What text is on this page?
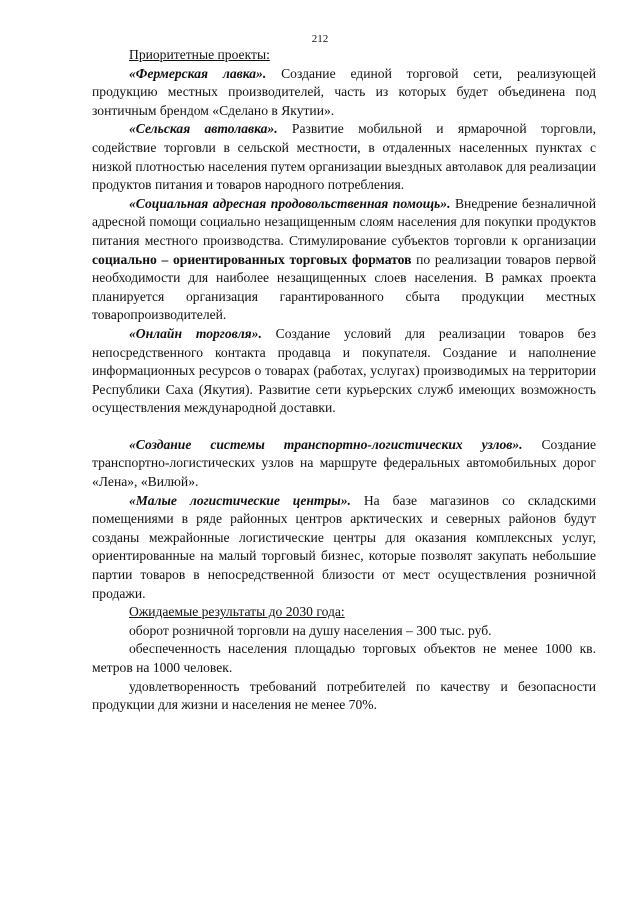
212

Приоритетные проекты:

«Фермерская лавка». Создание единой торговой сети, реализующей продукцию местных производителей, часть из которых будет объединена под зонтичным брендом «Сделано в Якутии».

«Сельская автолавка». Развитие мобильной и ярмарочной торговли, содействие торговли в сельской местности, в отдаленных населенных пунктах с низкой плотностью населения путем организации выездных автолавок для реализации продуктов питания и товаров народного потребления.

«Социальная адресная продовольственная помощь». Внедрение безналичной адресной помощи социально незащищенным слоям населения для покупки продуктов питания местного производства. Стимулирование субъектов торговли к организации социально – ориентированных торговых форматов по реализации товаров первой необходимости для наиболее незащищенных слоев населения. В рамках проекта планируется организация гарантированного сбыта продукции местных товаропроизводителей.

«Онлайн торговля». Создание условий для реализации товаров без непосредственного контакта продавца и покупателя. Создание и наполнение информационных ресурсов о товарах (работах, услугах) производимых на территории Республики Саха (Якутия). Развитие сети курьерских служб имеющих возможность осуществления международной доставки.

«Создание системы транспортно-логистических узлов». Создание транспортно-логистических узлов на маршруте федеральных автомобильных дорог «Лена», «Вилюй».

«Малые логистические центры». На базе магазинов со складскими помещениями в ряде районных центров арктических и северных районов будут созданы межрайонные логистические центры для оказания комплексных услуг, ориентированные на малый торговый бизнес, которые позволят закупать небольшие партии товаров в непосредственной близости от мест осуществления розничной продажи.

Ожидаемые результаты до 2030 года:

оборот розничной торговли на душу населения – 300 тыс. руб.

обеспеченность населения площадью торговых объектов не менее 1000 кв. метров на 1000 человек.

удовлетворенность требований потребителей по качеству и безопасности продукции для жизни и населения не менее 70%.
